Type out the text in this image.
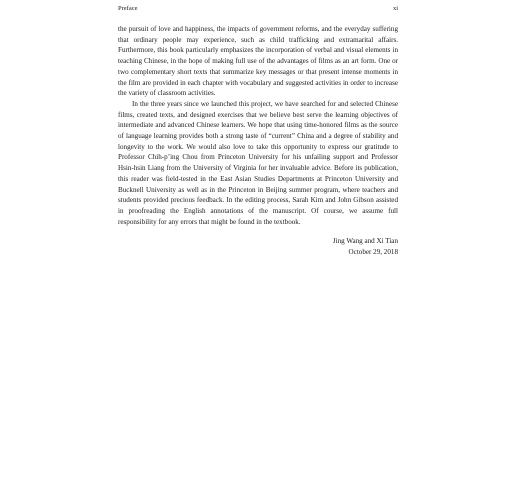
Preface	xi

the pursuit of love and happiness, the impacts of government reforms, and the everyday suffering that ordinary people may experience, such as child trafficking and extramarital affairs. Furthermore, this book particularly emphasizes the incorporation of verbal and visual elements in teaching Chinese, in the hope of making full use of the advantages of films as an art form. One or two complementary short texts that summarize key messages or that present intense moments in the film are provided in each chapter with vocabulary and suggested activities in order to increase the variety of classroom activities.

In the three years since we launched this project, we have searched for and selected Chinese films, created texts, and designed exercises that we believe best serve the learning objectives of intermediate and advanced Chinese learners. We hope that using time-honored films as the source of language learning provides both a strong taste of “current” China and a degree of stability and longevity to the work. We would also love to take this opportunity to express our gratitude to Professor Chih-p’ing Chou from Princeton University for his unfailing support and Professor Hsin-hsin Liang from the University of Virginia for her invaluable advice. Before its publication, this reader was field-tested in the East Asian Studies Departments at Princeton University and Bucknell University as well as in the Princeton in Beijing summer program, where teachers and students provided precious feedback. In the editing process, Sarah Kim and John Gibson assisted in proofreading the English annotations of the manuscript. Of course, we assume full responsibility for any errors that might be found in the textbook.

Jing Wang and Xi Tian
October 29, 2018
